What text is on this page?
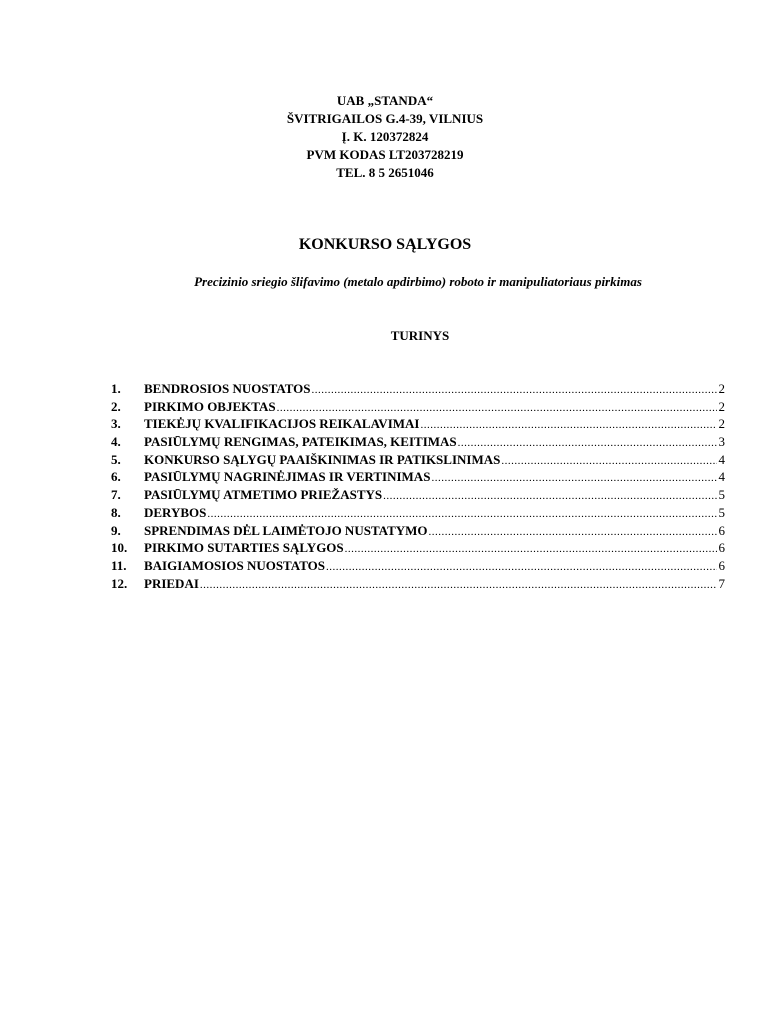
UAB „STANDA“
ŠVITRIGAILOS G.4-39, VILNIUS
Į. K. 120372824
PVM KODAS LT203728219
TEL. 8 5 2651046
KONKURSO SĄLYGOS
Precizinio sriegio šlifavimo (metalo apdirbimo) roboto ir manipuliatoriaus pirkimas
TURINYS
1.	BENDROSIOS NUOSTATOS .....	2
2.	PIRKIMO OBJEKTAS .....	2
3.	TIEKĖJŲ KVALIFIKACIJOS REIKALAVIMAI .....	2
4.	PASIŪLYMŲ RENGIMAS, PATEIKIMAS, KEITIMAS .....	3
5.	KONKURSO SĄLYGŲ PAAIŠKINIMAS IR PATIKSLINIMAS .....	4
6.	PASIŪLYMŲ NAGRINĖJIMAS IR VERTINIMAS .....	4
7.	PASIŪLYMŲ ATMETIMO PRIEŽASTYS .....	5
8.	DERYBOS .....	5
9.	SPRENDIMAS DĖL LAIMĖTOJO NUSTATYMO .....	6
10.	PIRKIMO SUTARTIES SĄLYGOS .....	6
11.	BAIGIAMOSIOS NUOSTATOS .....	6
12.	PRIEDAI .....	7
